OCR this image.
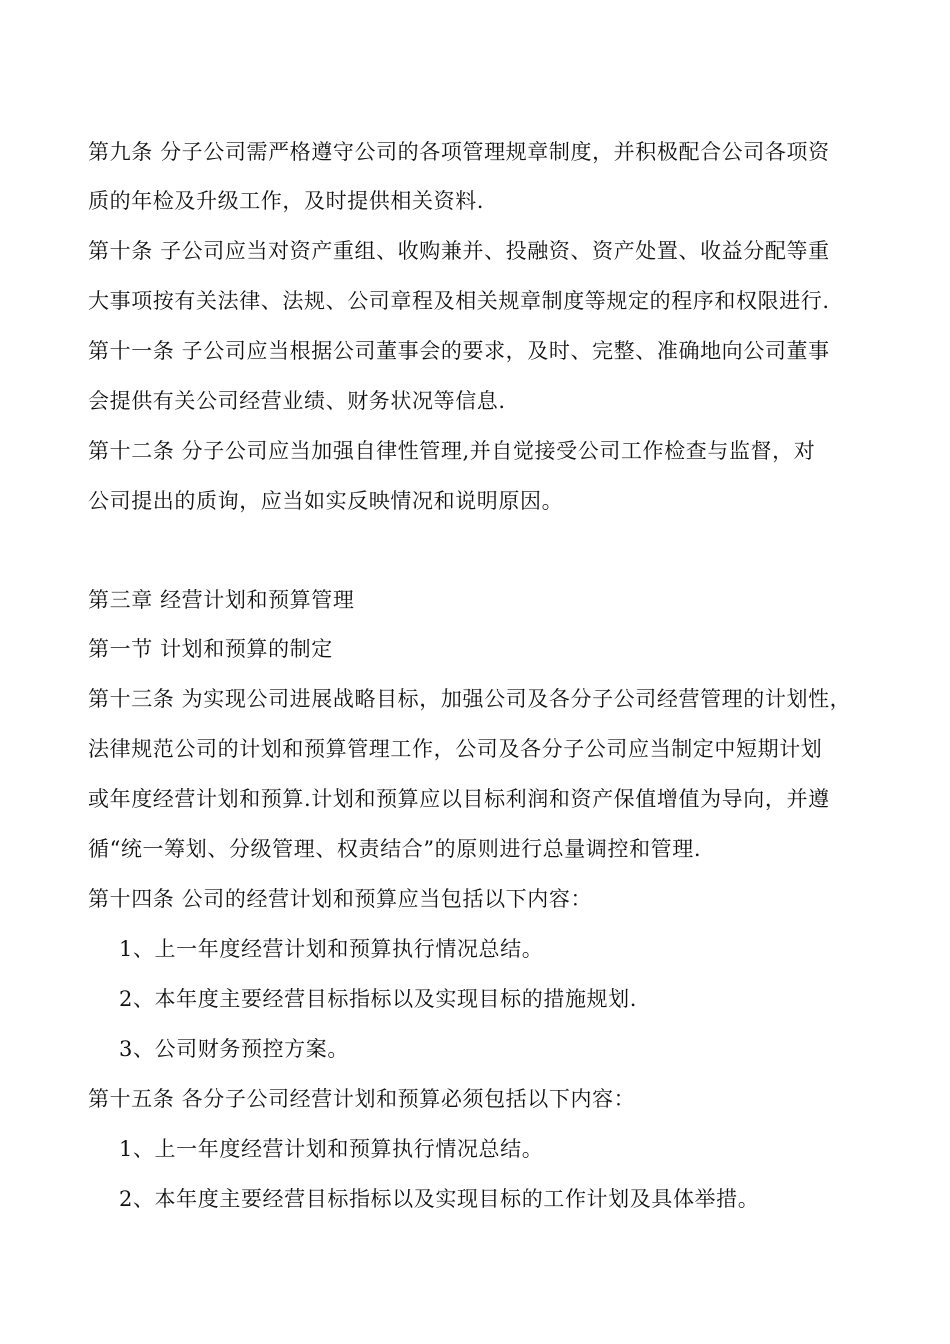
第九条 分子公司需严格遵守公司的各项管理规章制度，并积极配合公司各项资
质的年检及升级工作，及时提供相关资料.
第十条 子公司应当对资产重组、收购兼并、投融资、资产处置、收益分配等重
大事项按有关法律、法规、公司章程及相关规章制度等规定的程序和权限进行.
第十一条 子公司应当根据公司董事会的要求，及时、完整、准确地向公司董事
会提供有关公司经营业绩、财务状况等信息.
第十二条 分子公司应当加强自律性管理,并自觉接受公司工作检查与监督，对
公司提出的质询，应当如实反映情况和说明原因。
第三章 经营计划和预算管理
第一节 计划和预算的制定
第十三条 为实现公司进展战略目标，加强公司及各分子公司经营管理的计划性，
法律规范公司的计划和预算管理工作，公司及各分子公司应当制定中短期计划
或年度经营计划和预算.计划和预算应以目标利润和资产保值增值为导向，并遵
循“统一筹划、分级管理、权责结合”的原则进行总量调控和管理.
第十四条 公司的经营计划和预算应当包括以下内容：
1、上一年度经营计划和预算执行情况总结。
2、本年度主要经营目标指标以及实现目标的措施规划.
3、公司财务预控方案。
第十五条 各分子公司经营计划和预算必须包括以下内容：
1、上一年度经营计划和预算执行情况总结。
2、本年度主要经营目标指标以及实现目标的工作计划及具体举措。
